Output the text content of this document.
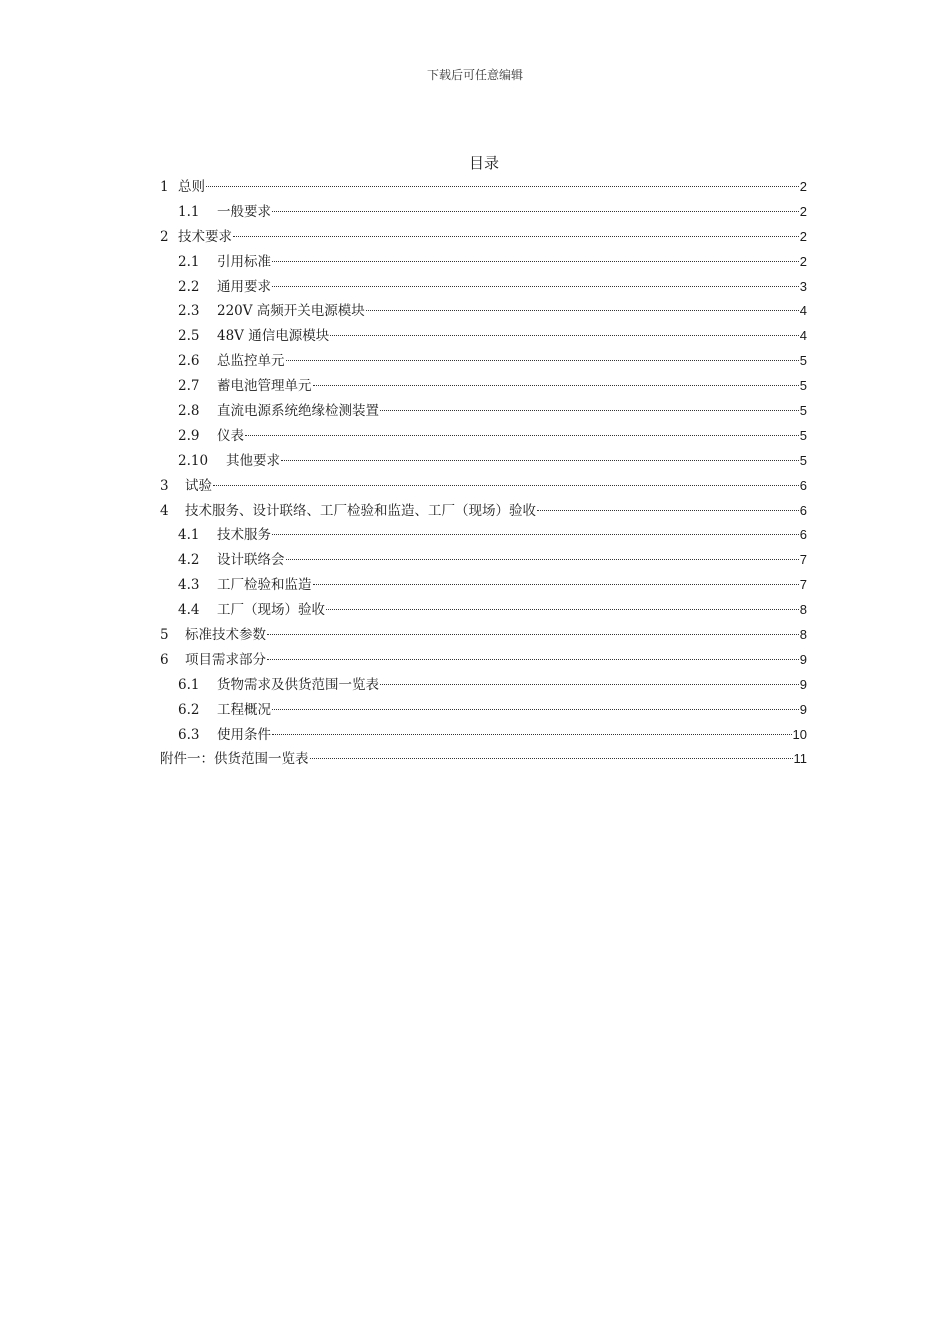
下载后可任意编辑
目录
1 总则	2
1.1	一般要求	2
2 技术要求	2
2.1	引用标准	2
2.2	通用要求	3
2.3	220V 高频开关电源模块	4
2.5	48V 通信电源模块	4
2.6	总监控单元	5
2.7	蓄电池管理单元	5
2.8	直流电源系统绝缘检测装置	5
2.9	仪表	5
2.10	其他要求	5
3	试验	6
4	技术服务、设计联络、工厂检验和监造、工厂（现场）验收	6
4.1	技术服务	6
4.2	设计联络会	7
4.3	工厂检验和监造	7
4.4	工厂（现场）验收	8
5	标准技术参数	8
6	项目需求部分	9
6.1	货物需求及供货范围一览表	9
6.2	工程概况	9
6.3	使用条件	10
附件一：供货范围一览表	11
